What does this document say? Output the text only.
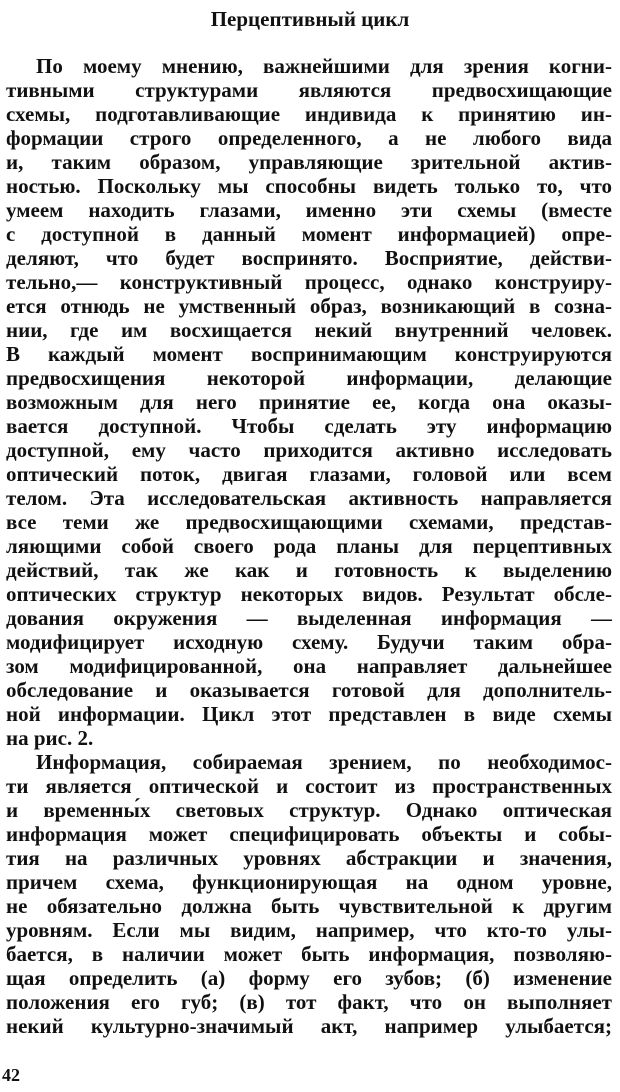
Перцептивный цикл
По моему мнению, важнейшими для зрения когни-
тивными структурами являются предвосхищающие
схемы, подготавливающие индивида к принятию ин-
формации строго определенного, а не любого вида
и, таким образом, управляющие зрительной актив-
ностью. Поскольку мы способны видеть только то, что
умеем находить глазами, именно эти схемы (вместе
с доступной в данный момент информацией) опре-
деляют, что будет воспринято. Восприятие, действи-
тельно,— конструктивный процесс, однако конструиру-
ется отнюдь не умственный образ, возникающий в созна-
нии, где им восхищается некий внутренний человек.
В каждый момент воспринимающим конструируются
предвосхищения некоторой информации, делающие
возможным для него принятие ее, когда она оказы-
вается доступной. Чтобы сделать эту информацию
доступной, ему часто приходится активно исследовать
оптический поток, двигая глазами, головой или всем
телом. Эта исследовательская активность направляется
все теми же предвосхищающими схемами, представ-
ляющими собой своего рода планы для перцептивных
действий, так же как и готовность к выделению
оптических структур некоторых видов. Результат обсле-
дования окружения — выделенная информация —
модифицирует исходную схему. Будучи таким обра-
зом модифицированной, она направляет дальнейшее
обследование и оказывается готовой для дополнитель-
ной информации. Цикл этот представлен в виде схемы
на рис. 2.
Информация, собираемая зрением, по необходимос-
ти является оптической и состоит из пространственных
и временны́х световых структур. Однако оптическая
информация может специфицировать объекты и собы-
тия на различных уровнях абстракции и значения,
причем схема, функционирующая на одном уровне,
не обязательно должна быть чувствительной к другим
уровням. Если мы видим, например, что кто-то улы-
бается, в наличии может быть информация, позволяю-
щая определить (а) форму его зубов; (б) изменение
положения его губ; (в) тот факт, что он выполняет
некий культурно-значимый акт, например улыбается;
42
